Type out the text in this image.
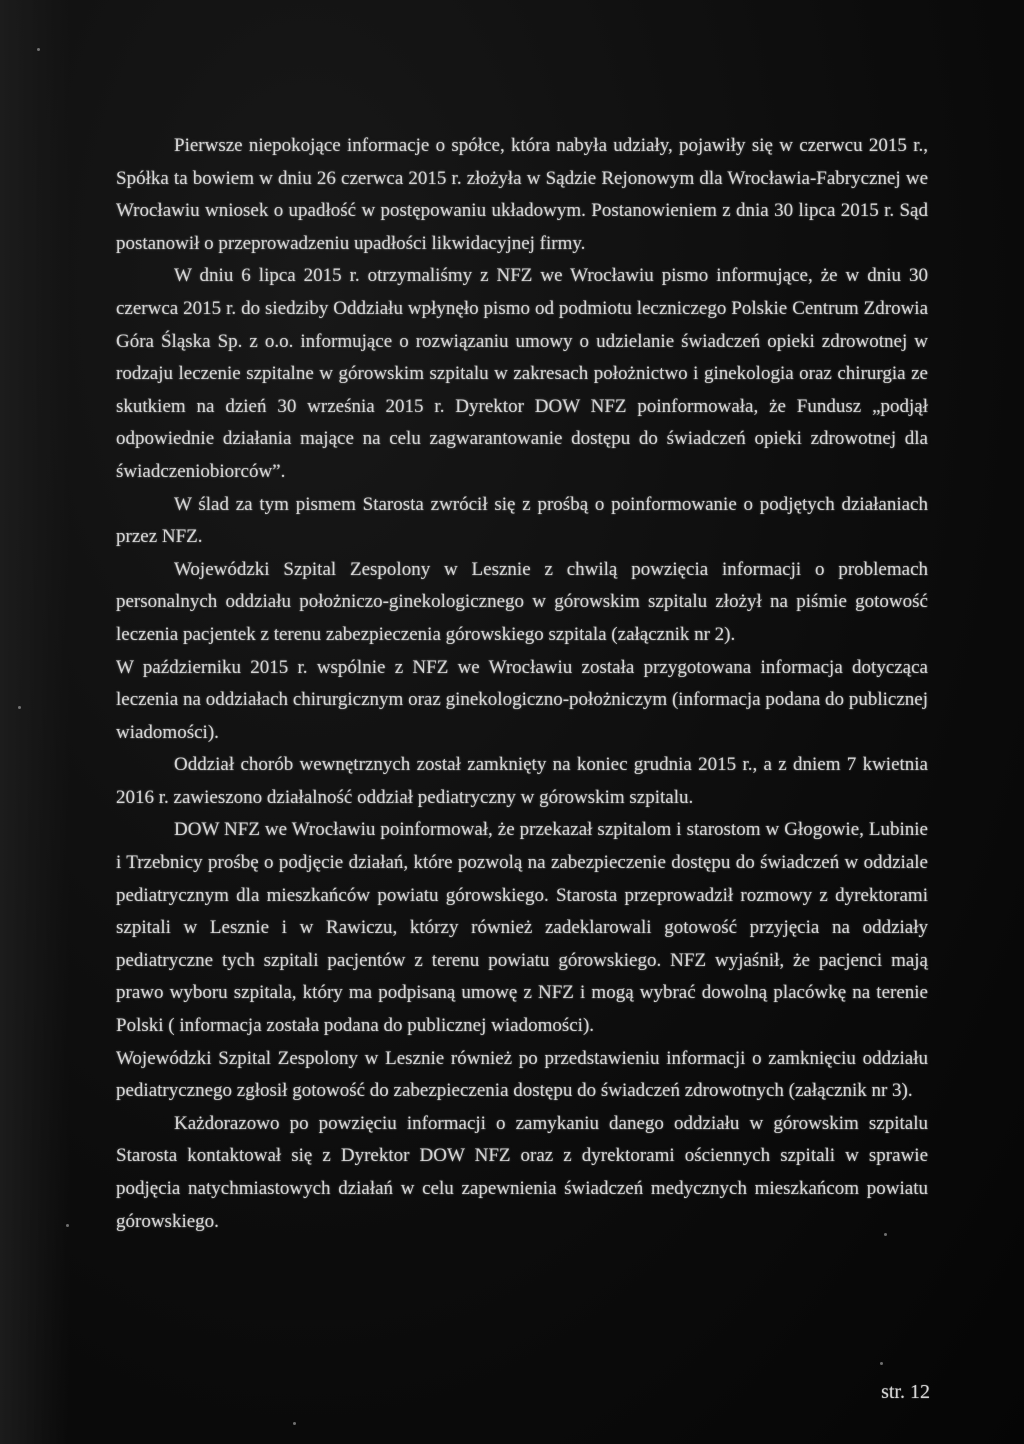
Pierwsze niepokojące informacje o spółce, która nabyła udziały, pojawiły się w czerwcu 2015 r., Spółka ta bowiem w dniu 26 czerwca 2015 r. złożyła w Sądzie Rejonowym dla Wrocławia-Fabrycznej we Wrocławiu wniosek o upadłość w postępowaniu układowym. Postanowieniem z dnia 30 lipca 2015 r. Sąd postanowił o przeprowadzeniu upadłości likwidacyjnej firmy.

W dniu 6 lipca 2015 r. otrzymaliśmy z NFZ we Wrocławiu pismo informujące, że w dniu 30 czerwca 2015 r. do siedziby Oddziału wpłynęło pismo od podmiotu leczniczego Polskie Centrum Zdrowia Góra Śląska Sp. z o.o. informujące o rozwiązaniu umowy o udzielanie świadczeń opieki zdrowotnej w rodzaju leczenie szpitalne w górowskim szpitalu w zakresach położnictwo i ginekologia oraz chirurgia ze skutkiem na dzień 30 września 2015 r. Dyrektor DOW NFZ poinformowała, że Fundusz „podjął odpowiednie działania mające na celu zagwarantowanie dostępu do świadczeń opieki zdrowotnej dla świadczeniobiorców”.

W ślad za tym pismem Starosta zwrócił się z prośbą o poinformowanie o podjętych działaniach przez NFZ.

Wojewódzki Szpital Zespolony w Lesznie z chwilą powzięcia informacji o problemach personalnych oddziału położniczo-ginekologicznego w górowskim szpitalu złożył na piśmie gotowość leczenia pacjentek z terenu zabezpieczenia górowskiego szpitala (załącznik nr 2).

W październiku 2015 r. wspólnie z NFZ we Wrocławiu została przygotowana informacja dotycząca leczenia na oddziałach chirurgicznym oraz ginekologiczno-położniczym (informacja podana do publicznej wiadomości).

Oddział chorób wewnętrznych został zamknięty na koniec grudnia 2015 r., a z dniem 7 kwietnia 2016 r. zawieszono działalność oddział pediatryczny w górowskim szpitalu.

DOW NFZ we Wrocławiu poinformował, że przekazał szpitalom i starostom w Głogowie, Lubinie i Trzebnicy prośbę o podjęcie działań, które pozwolą na zabezpieczenie dostępu do świadczeń w oddziale pediatrycznym dla mieszkańców powiatu górowskiego. Starosta przeprowadził rozmowy z dyrektorami szpitali w Lesznie i w Rawiczu, którzy również zadeklarowali gotowość przyjęcia na oddziały pediatryczne tych szpitali pacjentów z terenu powiatu górowskiego. NFZ wyjaśnił, że pacjenci mają prawo wyboru szpitala, który ma podpisaną umowę z NFZ i mogą wybrać dowolną placówkę na terenie Polski ( informacja została podana do publicznej wiadomości).

Wojewódzki Szpital Zespolony w Lesznie również po przedstawieniu informacji o zamknięciu oddziału pediatrycznego zgłosił gotowość do zabezpieczenia dostępu do świadczeń zdrowotnych (załącznik nr 3).

Każdorazowo po powzięciu informacji o zamykaniu danego oddziału w górowskim szpitalu Starosta kontaktował się z Dyrektor DOW NFZ oraz z dyrektorami ościennych szpitali w sprawie podjęcia natychmiastowych działań w celu zapewnienia świadczeń medycznych mieszkańcom powiatu górowskiego.

str. 12
